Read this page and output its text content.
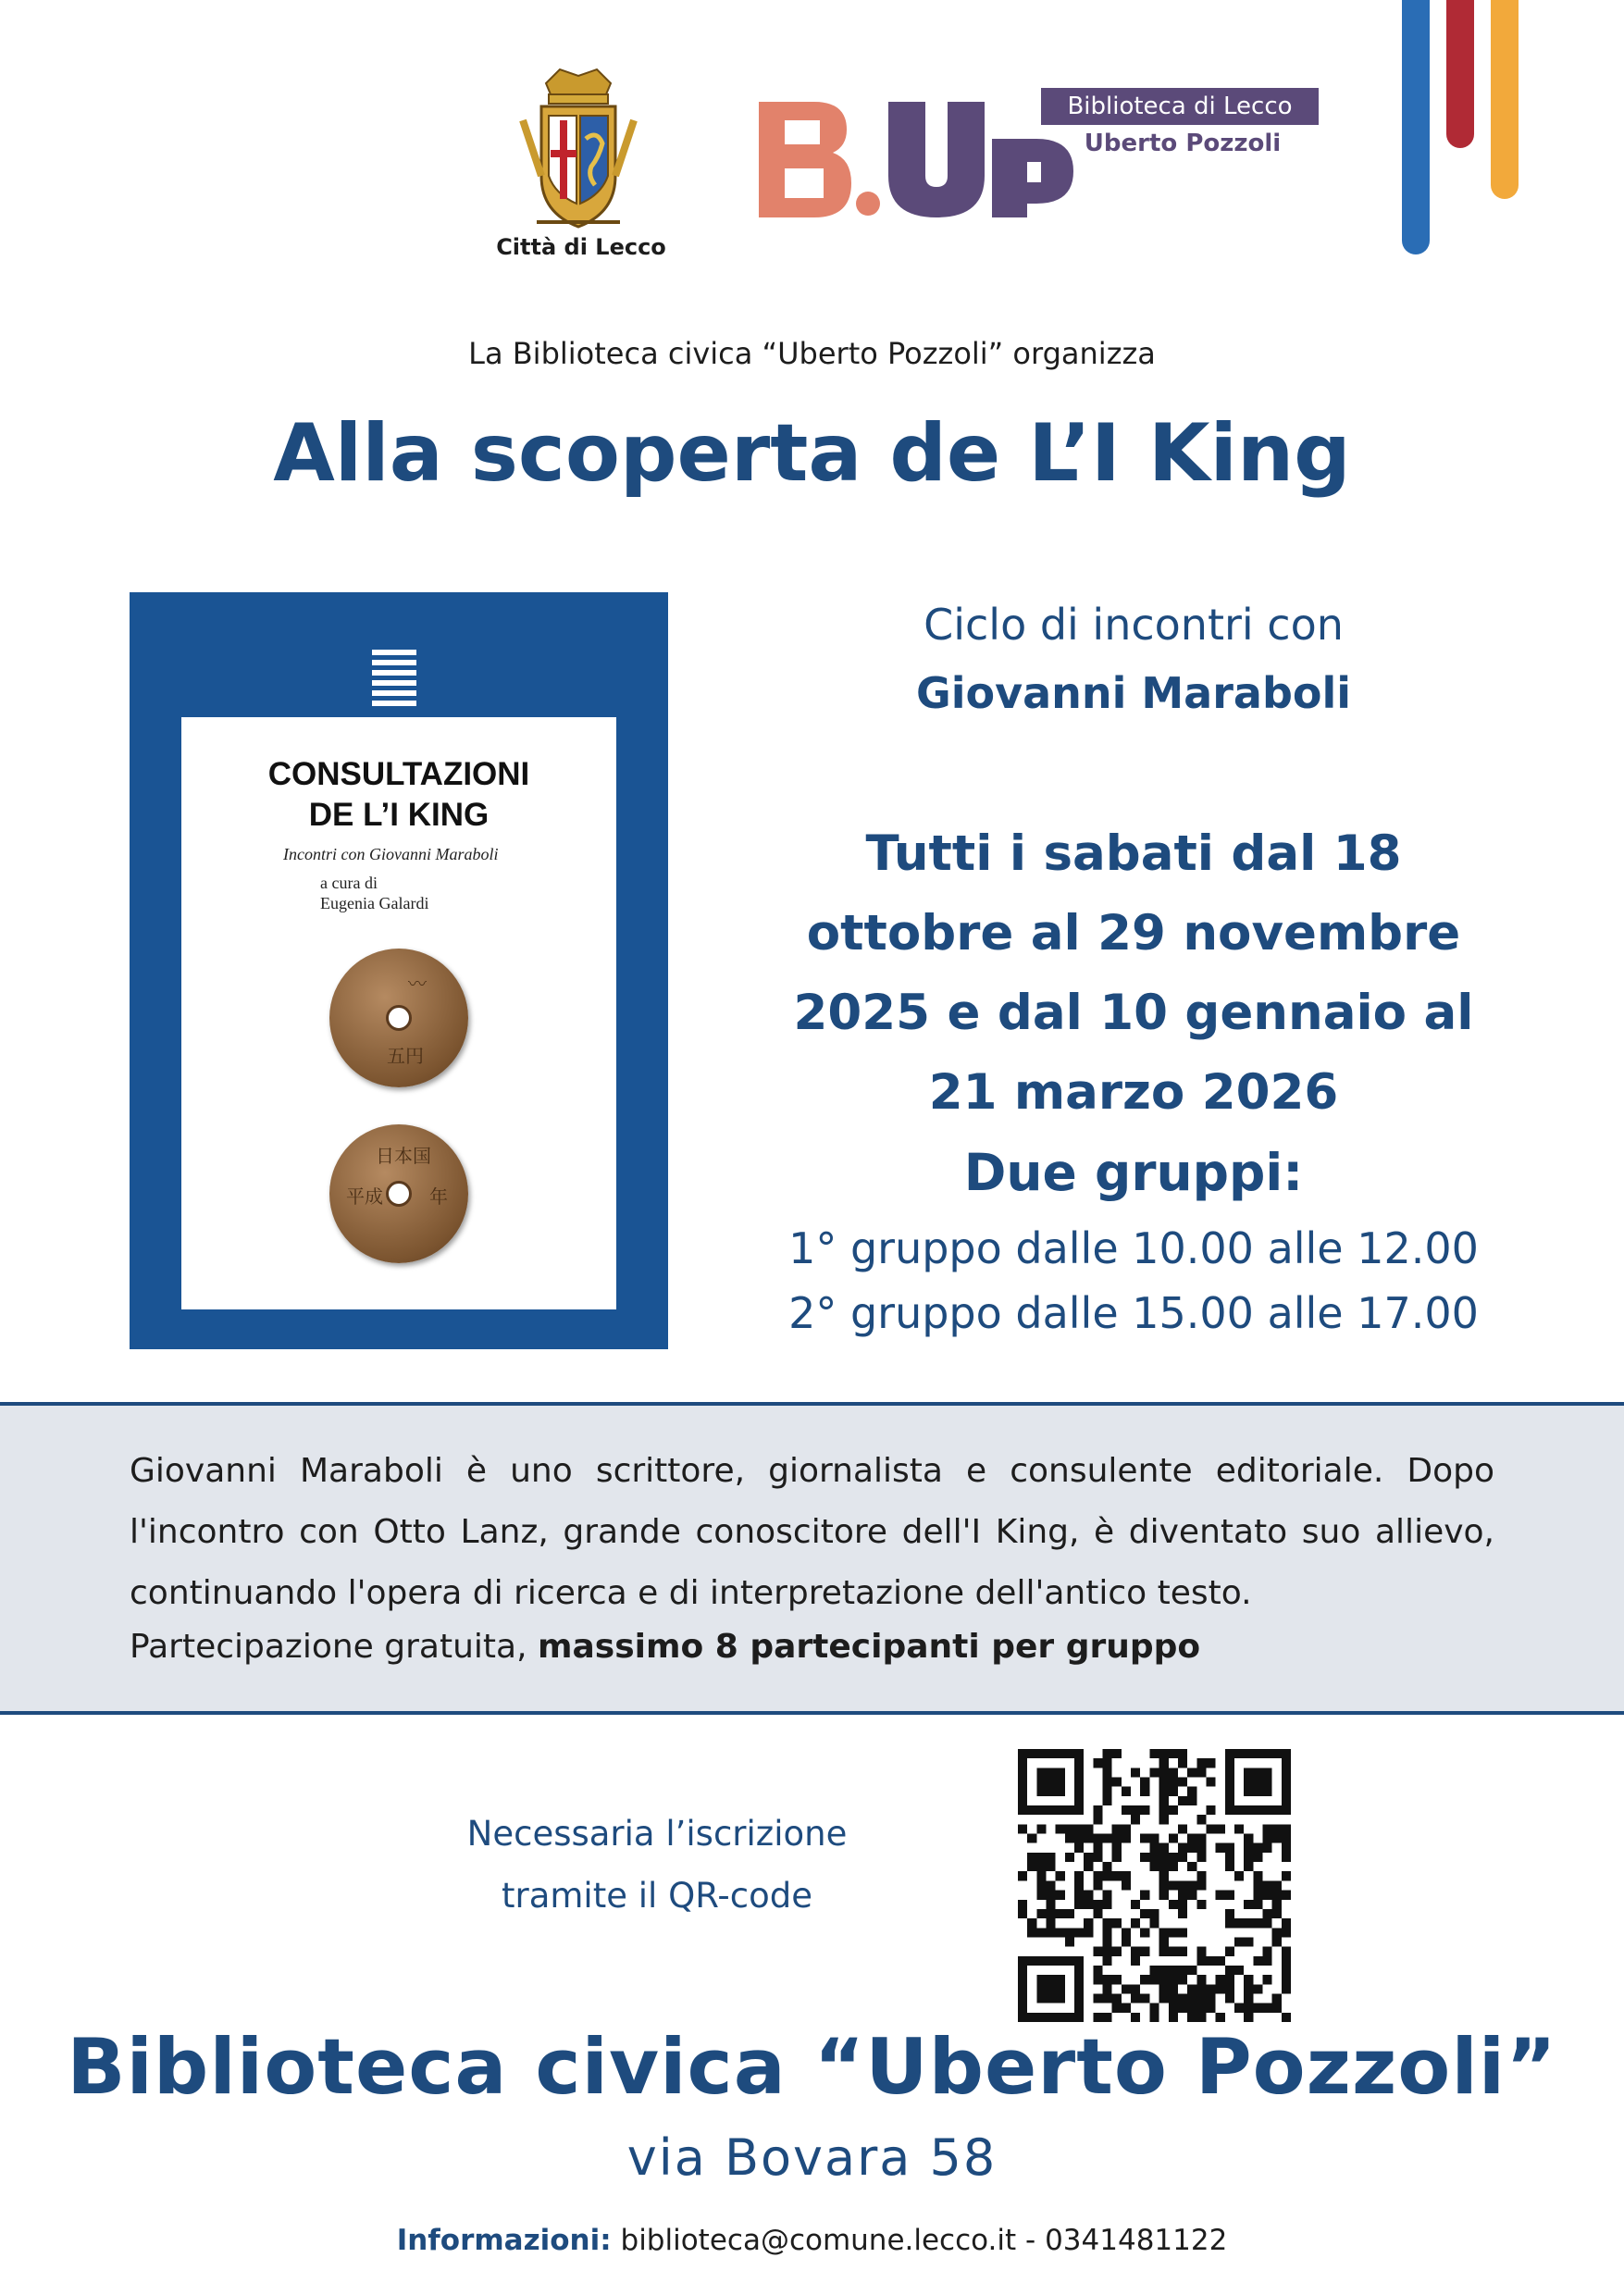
Città di Lecco
Biblioteca di Lecco
Uberto Pozzoli
La Biblioteca civica “Uberto Pozzoli” organizza
Alla scoperta de L’I King
CONSULTAZIONI
DE L’I KING
Incontri con Giovanni Maraboli
a cura di
Eugenia Galardi
五円
〰
日本国
平成	年
Ciclo di incontri con
Giovanni Maraboli
Tutti i sabati dal 18
ottobre al 29 novembre
2025 e dal 10 gennaio al
21 marzo 2026
Due gruppi:
1° gruppo dalle 10.00 alle 12.00
2° gruppo dalle 15.00 alle 17.00
Giovanni Maraboli è uno scrittore, giornalista e consulente editoriale. Dopo l'incontro con Otto Lanz, grande conoscitore dell'I King, è diventato suo allievo, continuando l'opera di ricerca e di interpretazione dell'antico testo.
Partecipazione gratuita, massimo 8 partecipanti per gruppo
Necessaria l’iscrizione
tramite il QR-code
Biblioteca civica “Uberto Pozzoli”
via Bovara 58
Informazioni: biblioteca@comune.lecco.it - 0341481122
